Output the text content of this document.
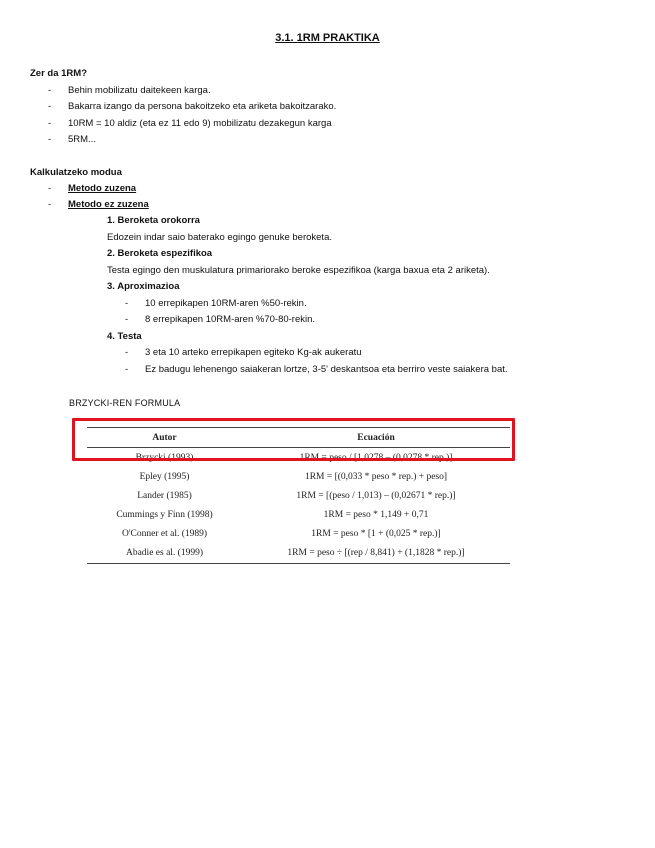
3.1. 1RM PRAKTIKA
Zer da 1RM?
-	Behin mobilizatu daitekeen karga.
-	Bakarra izango da persona bakoitzeko eta ariketa bakoitzarako.
-	10RM = 10 aldiz (eta ez 11 edo 9) mobilizatu dezakegun karga
-	5RM...
Kalkulatzeko modua
-	Metodo zuzena
-	Metodo ez zuzena
1. Beroketa orokorra
Edozein indar saio baterako egingo genuke beroketa.
2. Beroketa espezifikoa
Testa egingo den muskulatura primariorako beroke espezifikoa (karga baxua eta 2 ariketa).
3. Aproximazioa
-	10 errepikapen 10RM-aren %50-rekin.
-	8 errepikapen 10RM-aren %70-80-rekin.
4. Testa
-	3 eta 10 arteko errepikapen egiteko Kg-ak aukeratu
-	Ez badugu lehenengo saiakeran lortze, 3-5' deskantsoa eta berriro veste saiakera bat.
BRZYCKI-REN FORMULA
Autor	Ecuación
Brzycki (1993)	1RM = peso / [1,0278 – (0,0278 * rep.)]
Epley (1995)	1RM = [(0,033 * peso * rep.) + peso]
Lander (1985)	1RM = [(peso / 1,013) – (0,02671 * rep.)]
Cummings y Finn (1998)	1RM = peso * 1,149 + 0,71
O'Conner et al. (1989)	1RM = peso * [1 + (0,025 * rep.)]
Abadie es al. (1999)	1RM = peso ÷ [(rep / 8,841) + (1,1828 * rep.)]
